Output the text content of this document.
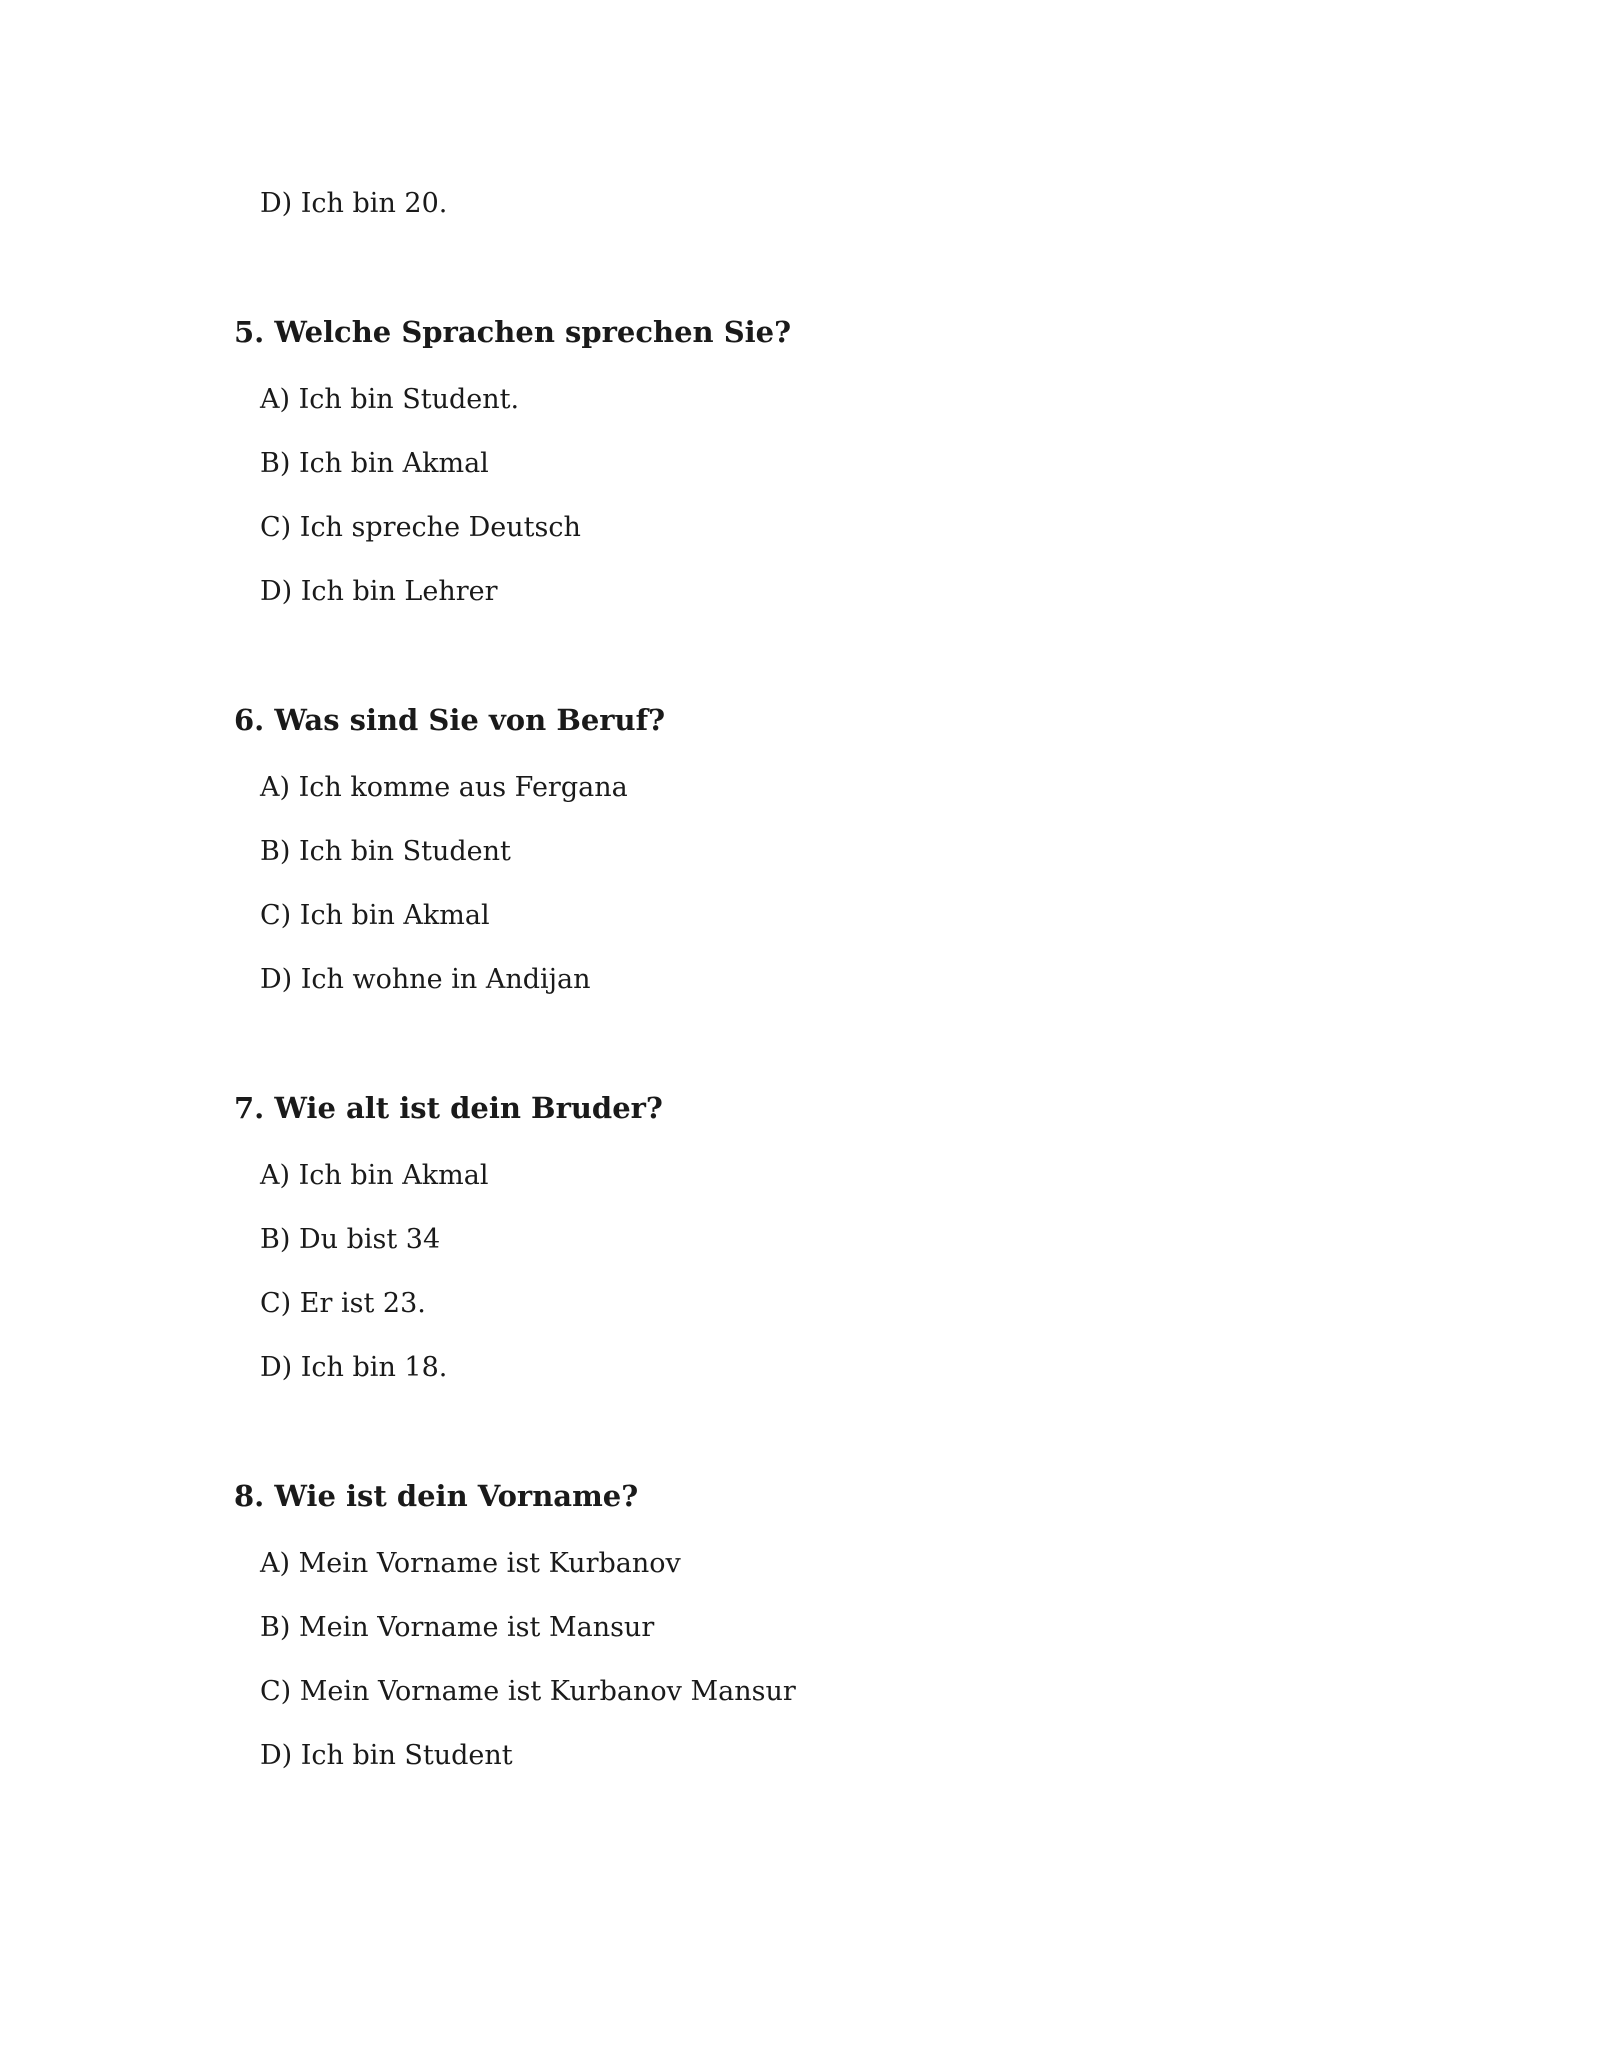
D) Ich bin 20.
5. Welche Sprachen sprechen Sie?
A) Ich bin Student.
B) Ich bin Akmal
C) Ich spreche Deutsch
D) Ich bin Lehrer
6. Was sind Sie von Beruf?
A) Ich komme aus Fergana
B) Ich bin Student
C) Ich bin Akmal
D) Ich wohne in Andijan
7. Wie alt ist dein Bruder?
A) Ich bin Akmal
B) Du bist 34
C) Er ist 23.
D) Ich bin 18.
8. Wie ist dein Vorname?
A) Mein Vorname ist Kurbanov
B) Mein Vorname ist Mansur
C) Mein Vorname ist Kurbanov Mansur
D) Ich bin Student
